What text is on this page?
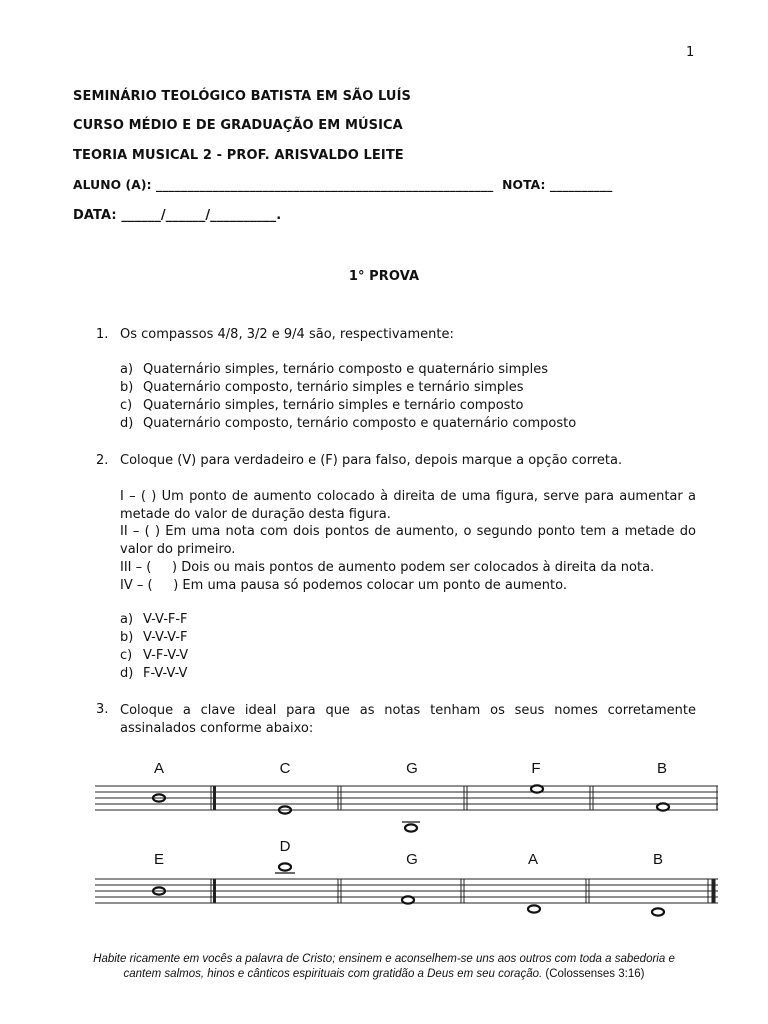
1
SEMINÁRIO TEOLÓGICO BATISTA EM SÃO LUÍS
CURSO MÉDIO E DE GRADUAÇÃO EM MÚSICA
TEORIA MUSICAL 2 - PROF. ARISVALDO LEITE
ALUNO (A): ______________________________________________________  NOTA: __________
DATA: ______/______/__________.
1° PROVA
1. Os compassos 4/8, 3/2 e 9/4 são, respectivamente:
a) Quaternário simples, ternário composto e quaternário simples
b) Quaternário composto, ternário simples e ternário simples
c) Quaternário simples, ternário simples e ternário composto
d) Quaternário composto, ternário composto e quaternário composto
2. Coloque (V) para verdadeiro e (F) para falso, depois marque a opção correta.
I – ( ) Um ponto de aumento colocado à direita de uma figura, serve para aumentar a metade do valor de duração desta figura.
II – ( ) Em uma nota com dois pontos de aumento, o segundo ponto tem a metade do valor do primeiro.
III – (     ) Dois ou mais pontos de aumento podem ser colocados à direita da nota.
IV – (     ) Em uma pausa só podemos colocar um ponto de aumento.
a) V-V-F-F
b) V-V-V-F
c) V-F-V-V
d) F-V-V-V
3. Coloque a clave ideal para que as notas tenham os seus nomes corretamente assinalados conforme abaixo:
A	C	G	F	B
E
D
G	A	B
Habite ricamente em vocês a palavra de Cristo; ensinem e aconselhem-se uns aos outros com toda a sabedoria e
cantem salmos, hinos e cânticos espirituais com gratidão a Deus em seu coração. (Colossenses 3:16)
